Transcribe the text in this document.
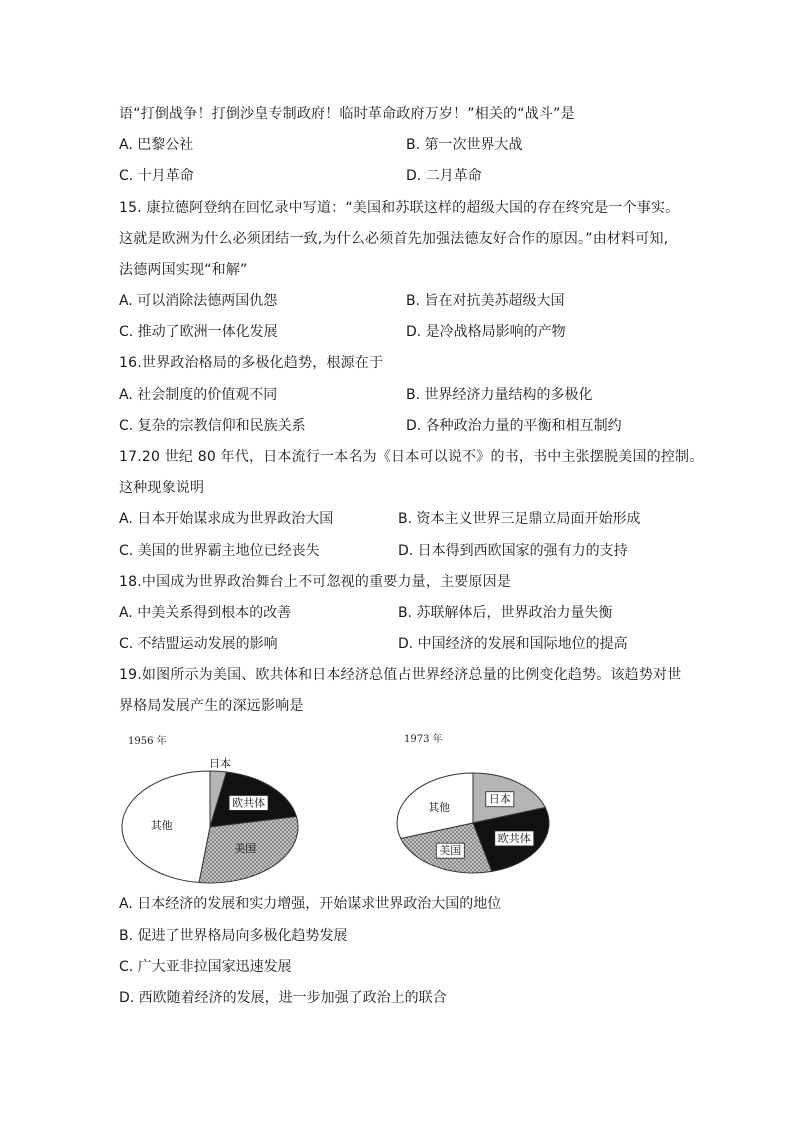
语“打倒战争！打倒沙皇专制政府！临时革命政府万岁！”相关的“战斗”是
A. 巴黎公社	B. 第一次世界大战
C. 十月革命	D. 二月革命
15. 康拉德阿登纳在回忆录中写道：“美国和苏联这样的超级大国的存在终究是一个事实。
这就是欧洲为什么必须团结一致,为什么必须首先加强法德友好合作的原因。”由材料可知,
法德两国实现“和解”
A. 可以消除法德两国仇怨	B. 旨在对抗美苏超级大国
C. 推动了欧洲一体化发展	D. 是冷战格局影响的产物
16.世界政治格局的多极化趋势，根源在于
A. 社会制度的价值观不同	B. 世界经济力量结构的多极化
C. 复杂的宗教信仰和民族关系	D. 各种政治力量的平衡和相互制约
17.20 世纪 80 年代，日本流行一本名为《日本可以说不》的书，书中主张摆脱美国的控制。
这种现象说明
A. 日本开始谋求成为世界政治大国	B. 资本主义世界三足鼎立局面开始形成
C. 美国的世界霸主地位已经丧失	D. 日本得到西欧国家的强有力的支持
18.中国成为世界政治舞台上不可忽视的重要力量，主要原因是
A. 中美关系得到根本的改善	B. 苏联解体后，世界政治力量失衡
C. 不结盟运动发展的影响	D. 中国经济的发展和国际地位的提高
19.如图所示为美国、欧共体和日本经济总值占世界经济总量的比例变化趋势。该趋势对世
界格局发展产生的深远影响是
1956 年	1973 年
日本
欧共体
美国
其他
日本
欧共体
美国
其他
A. 日本经济的发展和实力增强，开始谋求世界政治大国的地位
B. 促进了世界格局向多极化趋势发展
C. 广大亚非拉国家迅速发展
D. 西欧随着经济的发展，进一步加强了政治上的联合
